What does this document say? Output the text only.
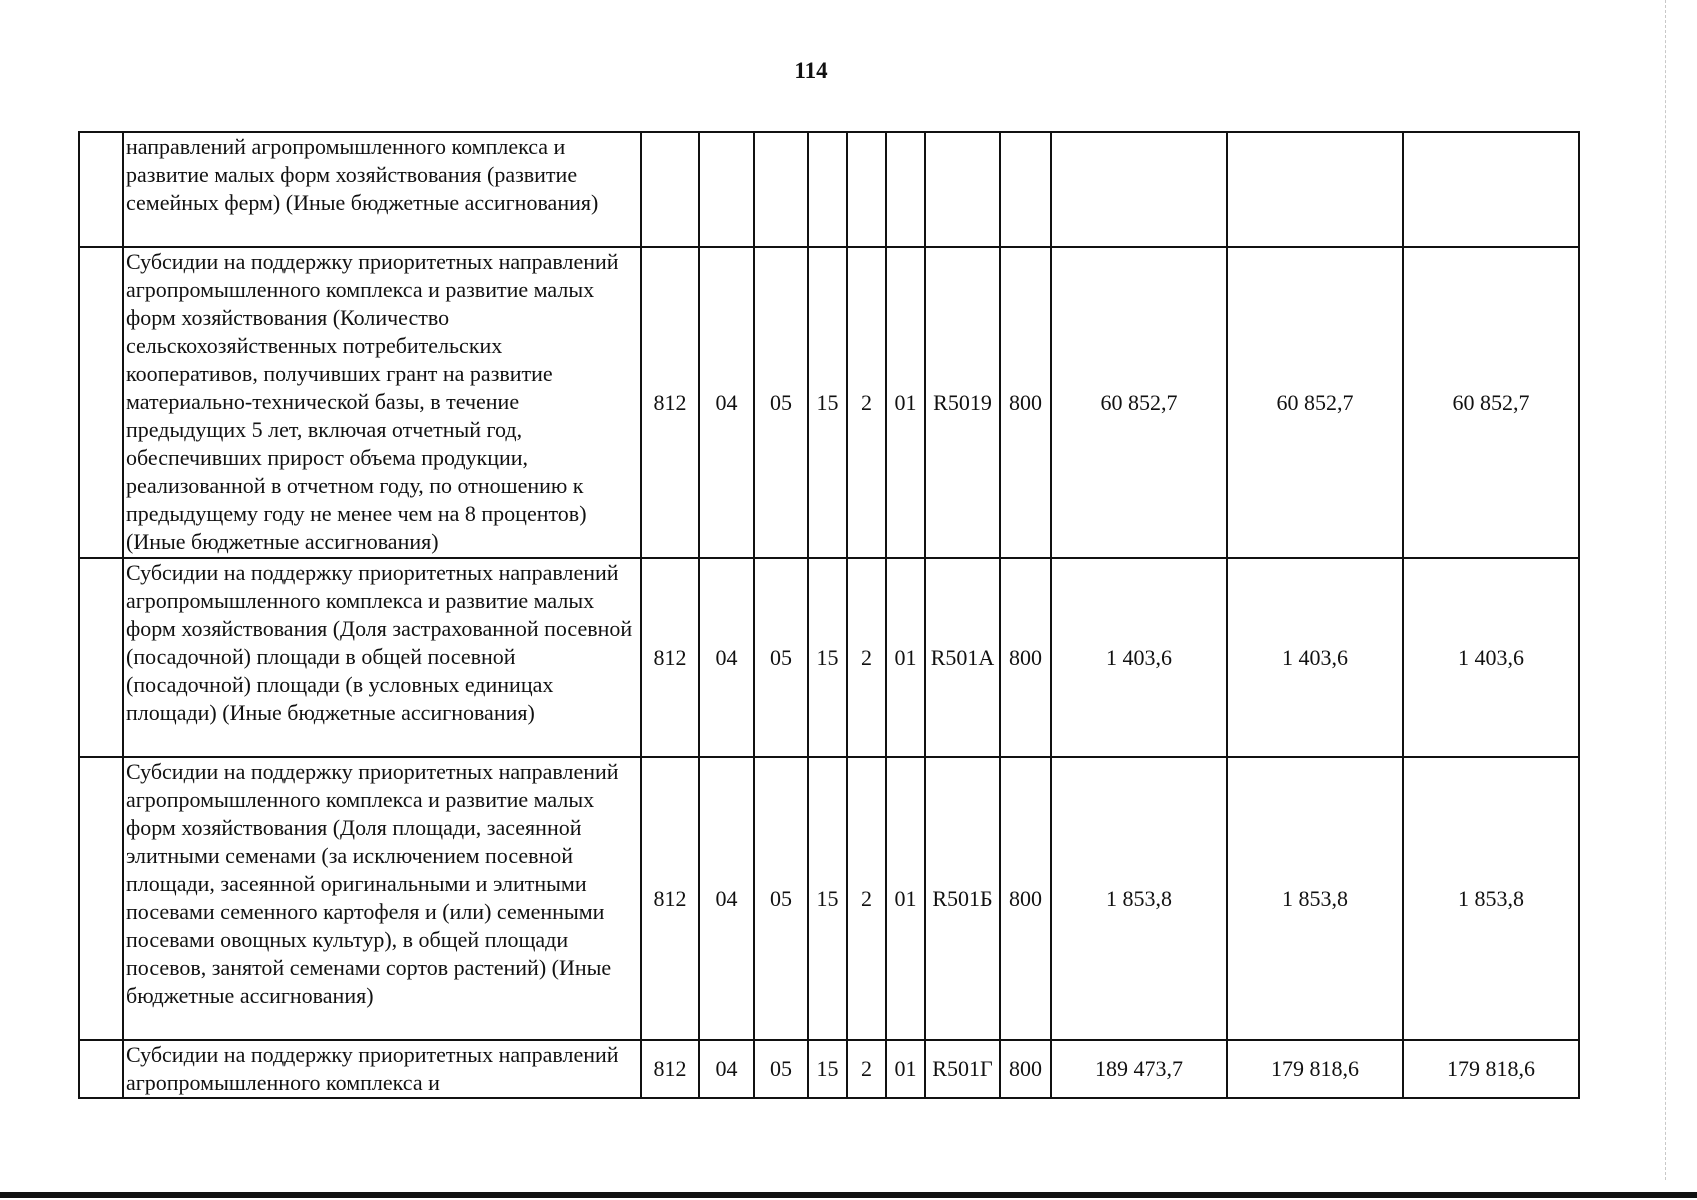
114
	направлений агропромышленного комплекса и развитие малых форм хозяйствования (развитие семейных ферм) (Иные бюджетные ассигнования)											
	Субсидии на поддержку приоритетных направлений агропромышленного комплекса и развитие малых форм хозяйствования (Количество сельскохозяйственных потребительских кооперативов, получивших грант на развитие материально-технической базы, в течение предыдущих 5 лет, включая отчетный год, обеспечивших прирост объема продукции, реализованной в отчетном году, по отношению к предыдущему году не менее чем на 8 процентов) (Иные бюджетные ассигнования)	812	04	05	15	2	01	R5019	800	60 852,7	60 852,7	60 852,7
	Субсидии на поддержку приоритетных направлений агропромышленного комплекса и развитие малых форм хозяйствования (Доля застрахованной посевной (посадочной) площади в общей посевной (посадочной) площади (в условных единицах площади) (Иные бюджетные ассигнования)	812	04	05	15	2	01	R501А	800	1 403,6	1 403,6	1 403,6
	Субсидии на поддержку приоритетных направлений агропромышленного комплекса и развитие малых форм хозяйствования (Доля площади, засеянной элитными семенами (за исключением посевной площади, засеянной оригинальными и элитными посевами семенного картофеля и (или) семенными посевами овощных культур), в общей площади посевов, занятой семенами сортов растений) (Иные бюджетные ассигнования)	812	04	05	15	2	01	R501Б	800	1 853,8	1 853,8	1 853,8
	Субсидии на поддержку приоритетных направлений агропромышленного комплекса и	812	04	05	15	2	01	R501Г	800	189 473,7	179 818,6	179 818,6
